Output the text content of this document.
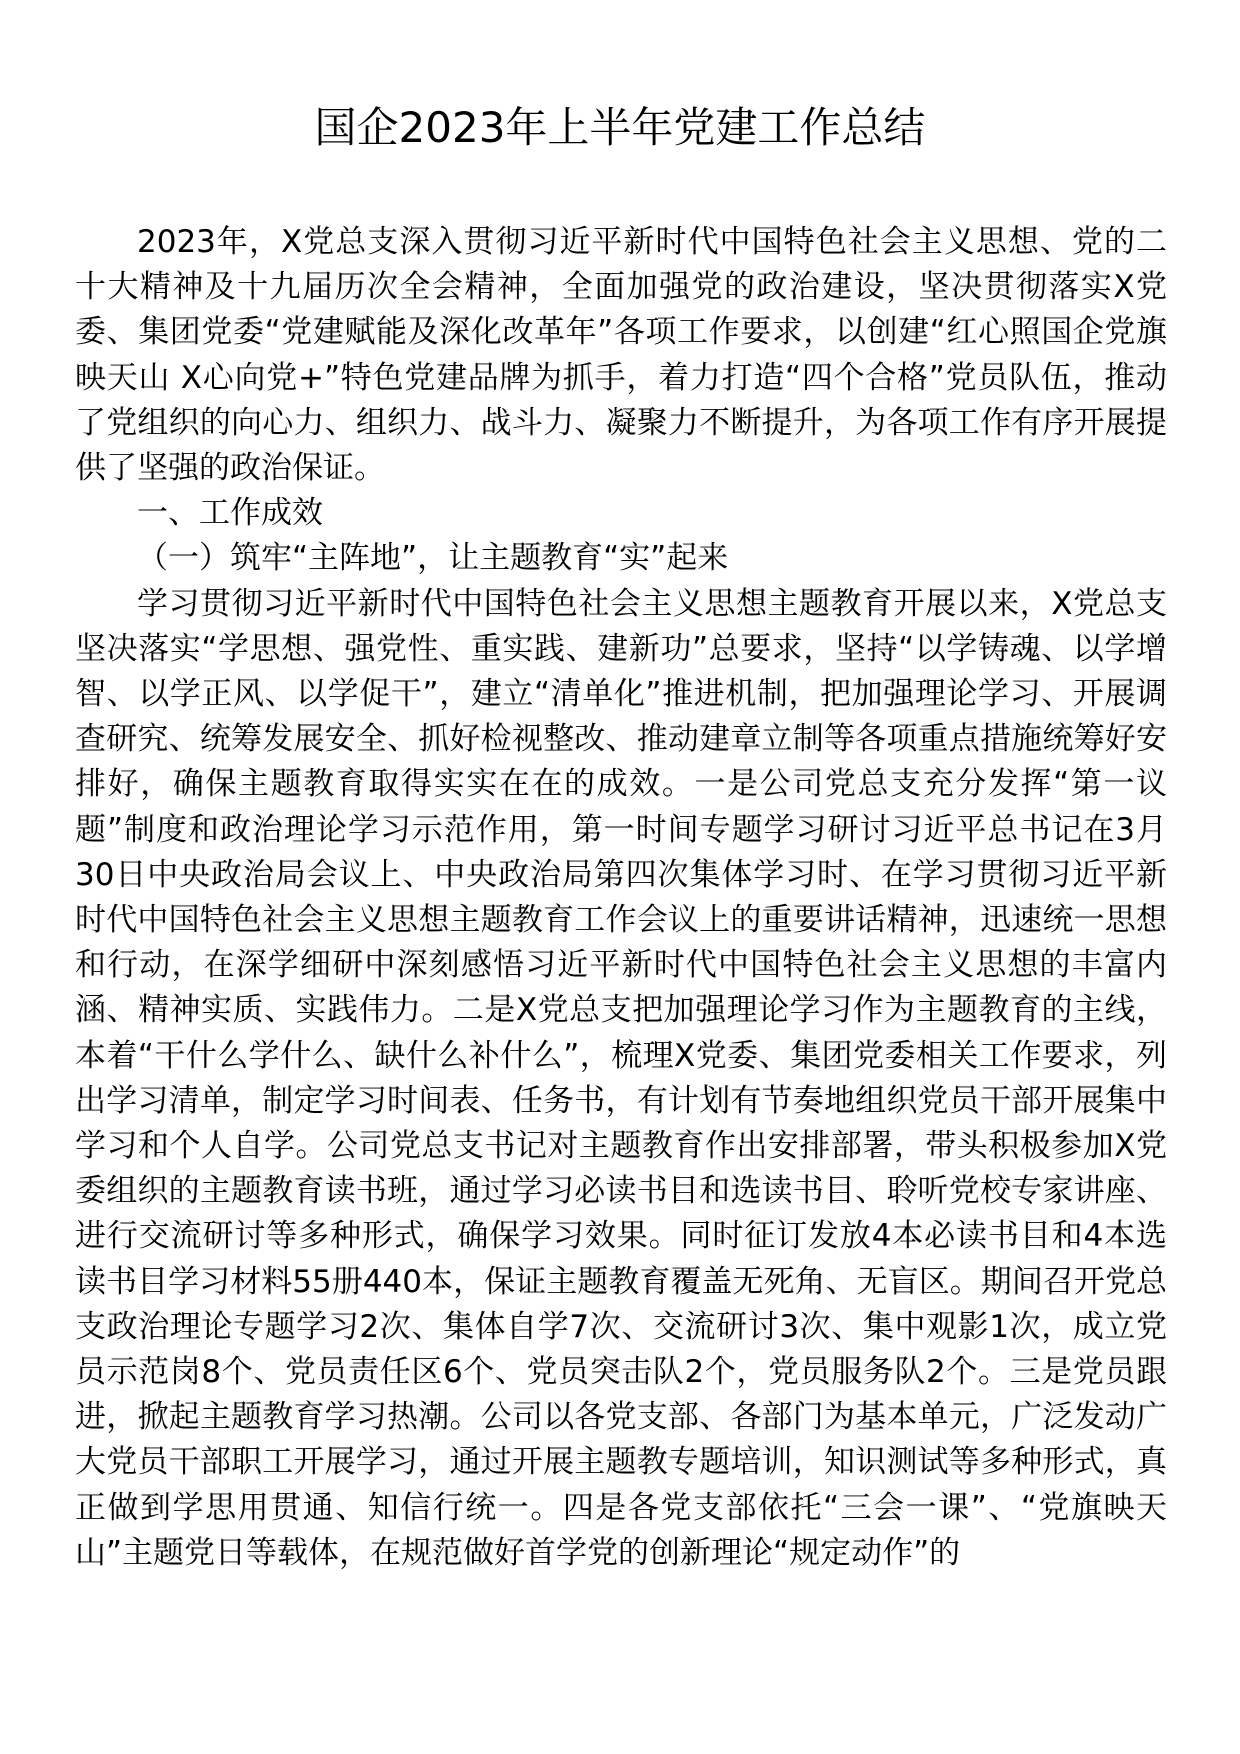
国企2023年上半年党建工作总结

2023年，X党总支深入贯彻习近平新时代中国特色社会主义思想、党的二十大精神及十九届历次全会精神，全面加强党的政治建设，坚决贯彻落实X党委、集团党委“党建赋能及深化改革年”各项工作要求，以创建“红心照国企党旗映天山 X心向党+”特色党建品牌为抓手，着力打造“四个合格”党员队伍，推动了党组织的向心力、组织力、战斗力、凝聚力不断提升，为各项工作有序开展提供了坚强的政治保证。

一、工作成效

（一）筑牢“主阵地”，让主题教育“实”起来

学习贯彻习近平新时代中国特色社会主义思想主题教育开展以来，X党总支坚决落实“学思想、强党性、重实践、建新功”总要求，坚持“以学铸魂、以学增智、以学正风、以学促干”，建立“清单化”推进机制，把加强理论学习、开展调查研究、统筹发展安全、抓好检视整改、推动建章立制等各项重点措施统筹好安排好，确保主题教育取得实实在在的成效。一是公司党总支充分发挥“第一议题”制度和政治理论学习示范作用，第一时间专题学习研讨习近平总书记在3月30日中央政治局会议上、中央政治局第四次集体学习时、在学习贯彻习近平新时代中国特色社会主义思想主题教育工作会议上的重要讲话精神，迅速统一思想和行动，在深学细研中深刻感悟习近平新时代中国特色社会主义思想的丰富内涵、精神实质、实践伟力。二是X党总支把加强理论学习作为主题教育的主线，本着“干什么学什么、缺什么补什么”，梳理X党委、集团党委相关工作要求，列出学习清单，制定学习时间表、任务书，有计划有节奏地组织党员干部开展集中学习和个人自学。公司党总支书记对主题教育作出安排部署，带头积极参加X党委组织的主题教育读书班，通过学习必读书目和选读书目、聆听党校专家讲座、进行交流研讨等多种形式，确保学习效果。同时征订发放4本必读书目和4本选读书目学习材料55册440本，保证主题教育覆盖无死角、无盲区。期间召开党总支政治理论专题学习2次、集体自学7次、交流研讨3次、集中观影1次，成立党员示范岗8个、党员责任区6个、党员突击队2个，党员服务队2个。三是党员跟进，掀起主题教育学习热潮。公司以各党支部、各部门为基本单元，广泛发动广大党员干部职工开展学习，通过开展主题教专题培训，知识测试等多种形式，真正做到学思用贯通、知信行统一。四是各党支部依托“三会一课”、“党旗映天山”主题党日等载体，在规范做好首学党的创新理论“规定动作”的
